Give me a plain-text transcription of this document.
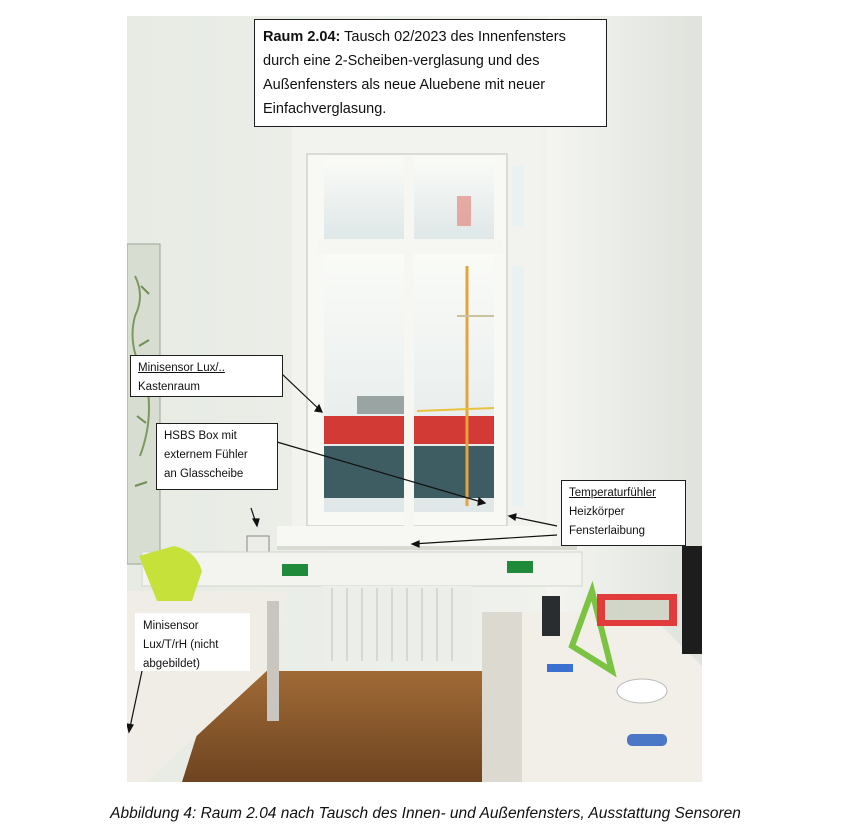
Raum 2.04: Tausch 02/2023 des Innenfensters durch eine 2-Scheiben-verglasung und des Außenfensters als neue Aluebene mit neuer Einfachverglasung.
Minisensor Lux/..
Kastenraum
HSBS Box mit
externem Fühler
an Glasscheibe
Temperaturfühler
Heizkörper
Fensterlaibung
Minisensor
Lux/T/rH (nicht
abgebildet)
Abbildung 4: Raum 2.04 nach Tausch des Innen- und Außenfensters, Ausstattung Sensoren
